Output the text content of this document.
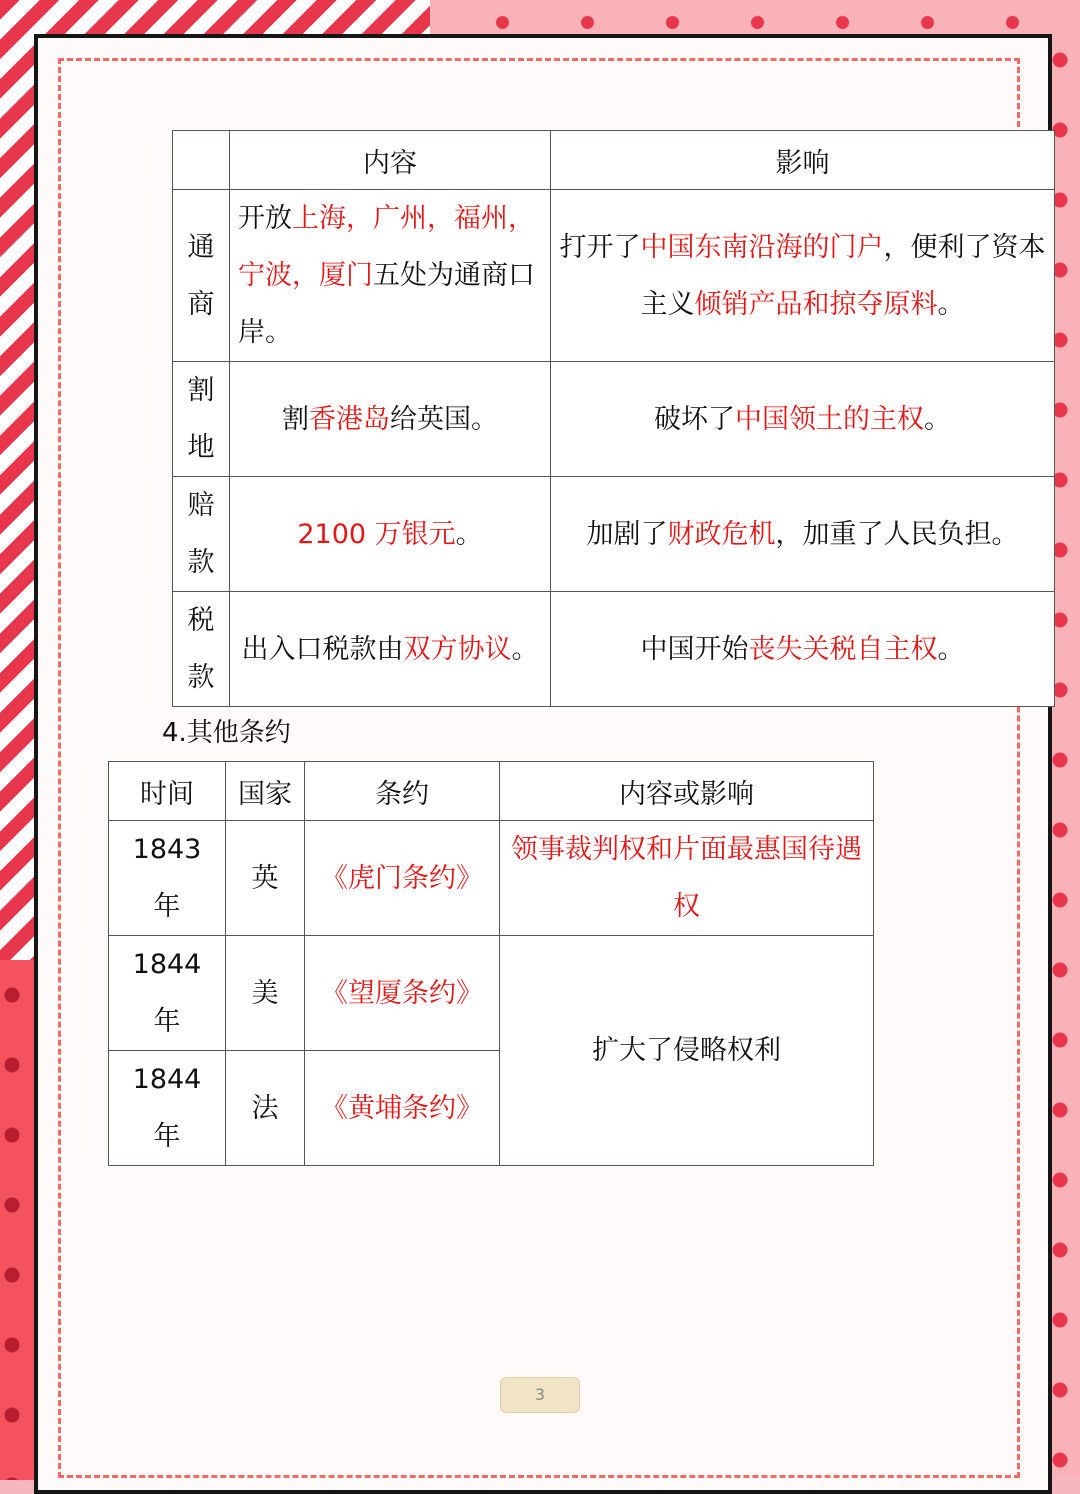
	内容	影响

通
商	开放上海，广州，福州，宁波，厦门五处为通商口岸。	打开了中国东南沿海的门户，便利了资本主义倾销产品和掠夺原料。

割
地	割香港岛给英国。	破坏了中国领土的主权。

赔
款	2100 万银元。	加剧了财政危机，加重了人民负担。

税
款	出入口税款由双方协议。	中国开始丧失关税自主权。
4.其他条约
时间	国家	条约	内容或影响
1843 年	英	《虎门条约》	领事裁判权和片面最惠国待遇权
1844 年	美	《望厦条约》	扩大了侵略权利
1844 年	法	《黄埔条约》	
3
